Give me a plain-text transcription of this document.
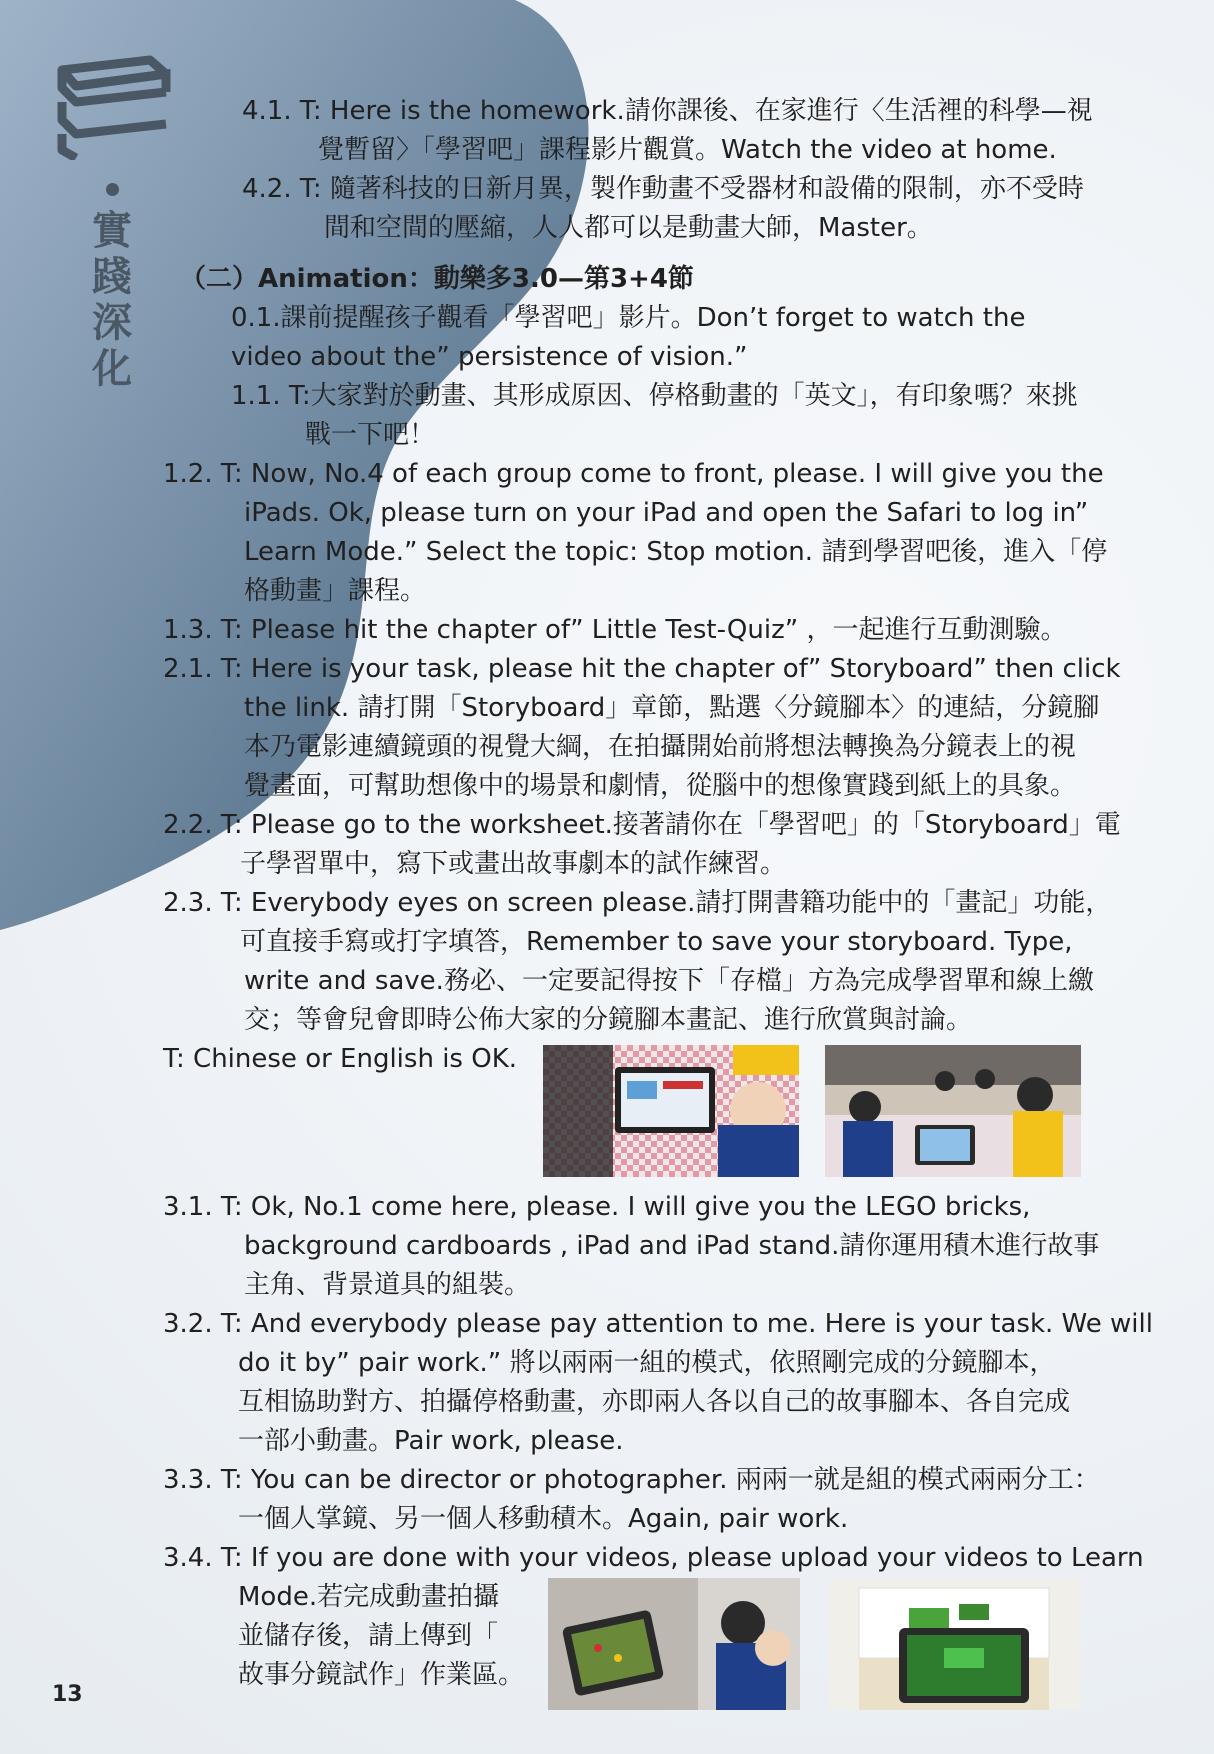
實踐深化
4.1. T: Here is the homework.請你課後、在家進行〈生活裡的科學—視
覺暫留〉「學習吧」課程影片觀賞。Watch the video at home.
4.2. T: 隨著科技的日新月異，製作動畫不受器材和設備的限制，亦不受時
間和空間的壓縮，人人都可以是動畫大師，Master。
（二）Animation：動樂多3.0—第3+4節
0.1.課前提醒孩子觀看「學習吧」影片。Don’t forget to watch the
video about the” persistence of vision.”
1.1. T:大家對於動畫、其形成原因、停格動畫的「英文」，有印象嗎？來挑
戰一下吧！
1.2. T: Now, No.4 of each group come to front, please. I will give you the
iPads. Ok, please turn on your iPad and open the Safari to log in”
Learn Mode.” Select the topic: Stop motion. 請到學習吧後，進入「停
格動畫」課程。
1.3. T: Please hit the chapter of” Little Test-Quiz” ，一起進行互動測驗。
2.1. T: Here is your task, please hit the chapter of” Storyboard” then click
the link. 請打開「Storyboard」章節，點選〈分鏡腳本〉的連結，分鏡腳
本乃電影連續鏡頭的視覺大綱，在拍攝開始前將想法轉換為分鏡表上的視
覺畫面，可幫助想像中的場景和劇情，從腦中的想像實踐到紙上的具象。
2.2. T: Please go to the worksheet.接著請你在「學習吧」的「Storyboard」電
子學習單中，寫下或畫出故事劇本的試作練習。
2.3. T: Everybody eyes on screen please.請打開書籍功能中的「畫記」功能，
可直接手寫或打字填答，Remember to save your storyboard. Type,
write and save.務必、一定要記得按下「存檔」方為完成學習單和線上繳
交；等會兒會即時公佈大家的分鏡腳本畫記、進行欣賞與討論。
T: Chinese or English is OK.
3.1. T: Ok, No.1 come here, please. I will give you the LEGO bricks,
background cardboards , iPad and iPad stand.請你運用積木進行故事
主角、背景道具的組裝。
3.2. T: And everybody please pay attention to me. Here is your task. We will
do it by” pair work.” 將以兩兩一組的模式，依照剛完成的分鏡腳本，
互相協助對方、拍攝停格動畫，亦即兩人各以自己的故事腳本、各自完成
一部小動畫。Pair work, please.
3.3. T: You can be director or photographer. 兩兩一就是組的模式兩兩分工：
一個人掌鏡、另一個人移動積木。Again, pair work.
3.4. T: If you are done with your videos, please upload your videos to Learn
Mode.若完成動畫拍攝
並儲存後，請上傳到「
故事分鏡試作」作業區。
13
